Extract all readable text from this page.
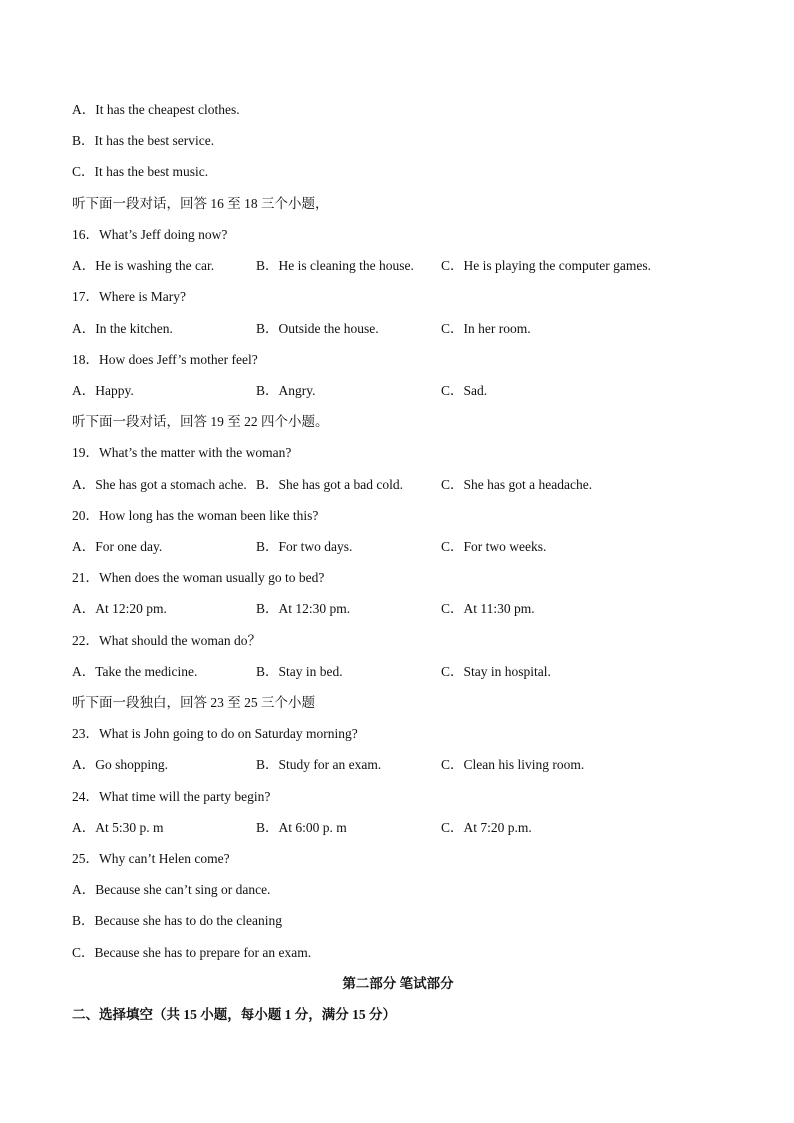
A．It has the cheapest clothes.
B．It has the best service.
C．It has the best music.
听下面一段对话，回答 16 至 18 三个小题，
16．What’s Jeff doing now?
A．He is washing the car.	B．He is cleaning the house. C．He is playing the computer games.
17．Where is Mary?
A．In the kitchen.	B．Outside the house.	C．In her room.
18．How does Jeff’s mother feel?
A．Happy.	B．Angry.	C．Sad.
听下面一段对话，回答 19 至 22 四个小题。
19．What’s the matter with the woman?
A．She has got a stomach ache. B．She has got a bad cold.	C．She has got a headache.
20．How long has the woman been like this?
A．For one day.	B．For two days.	C．For two weeks.
21．When does the woman usually go to bed?
A．At 12:20 pm.	B．At 12:30 pm.	C．At 11:30 pm.
22．What should the woman do？
A．Take the medicine.	B．Stay in bed.	C．Stay in hospital.
听下面一段独白，回答 23 至 25 三个小题
23．What is John going to do on Saturday morning?
A．Go shopping.	B．Study for an exam.	C．Clean his living room.
24．What time will the party begin?
A．At 5:30 p. m	B．At 6:00 p. m	C．At 7:20 p.m.
25．Why can’t Helen come?
A．Because she can’t sing or dance.
B．Because she has to do the cleaning
C．Because she has to prepare for an exam.
第二部分 笔试部分
二、选择填空（共 15 小题，每小题 1 分，满分 15 分）
